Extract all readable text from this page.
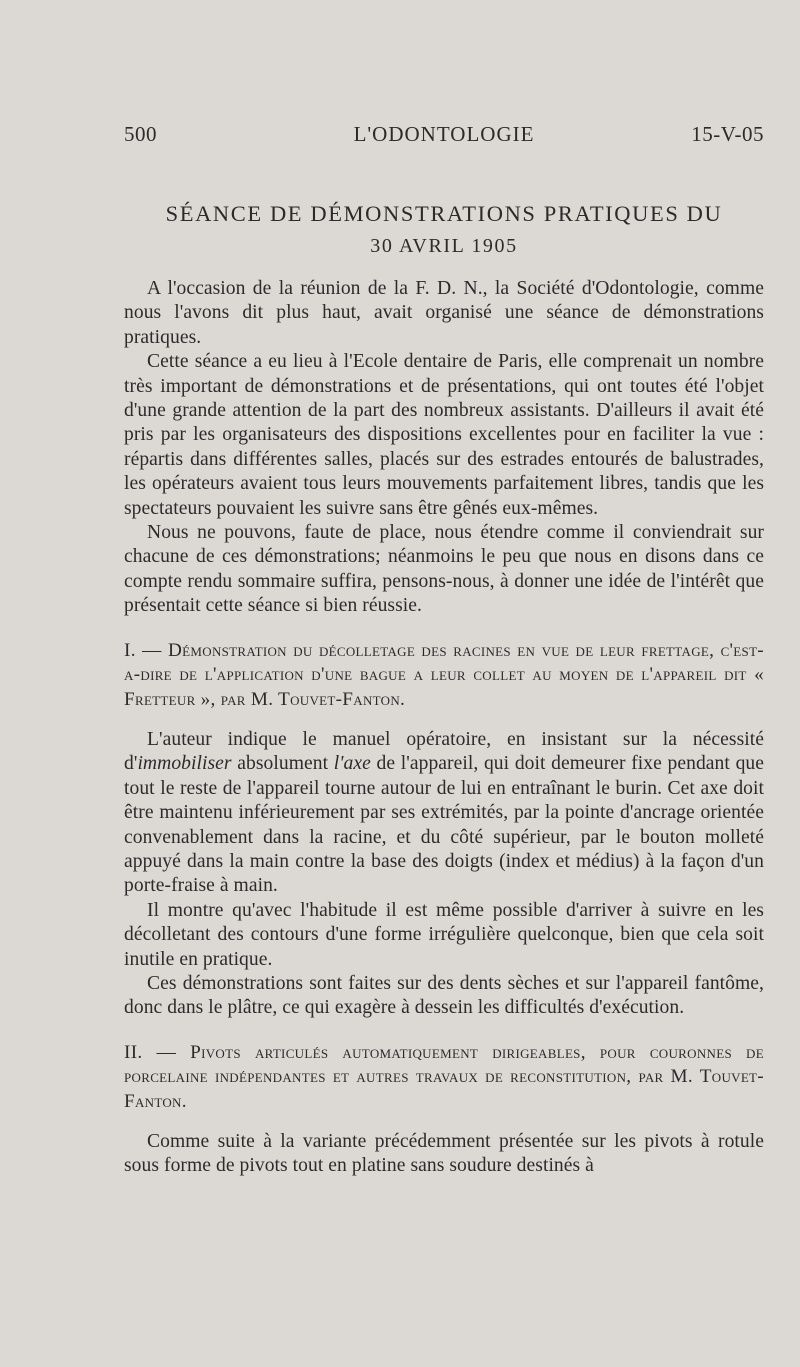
500	L'ODONTOLOGIE	15-V-05
SÉANCE DE DÉMONSTRATIONS PRATIQUES DU
30 AVRIL 1905

A l'occasion de la réunion de la F. D. N., la Société d'Odontologie, comme nous l'avons dit plus haut, avait organisé une séance de démonstrations pratiques.

Cette séance a eu lieu à l'Ecole dentaire de Paris, elle comprenait un nombre très important de démonstrations et de présentations, qui ont toutes été l'objet d'une grande attention de la part des nombreux assistants. D'ailleurs il avait été pris par les organisateurs des dispositions excellentes pour en faciliter la vue : répartis dans différentes salles, placés sur des estrades entourés de balustrades, les opérateurs avaient tous leurs mouvements parfaitement libres, tandis que les spectateurs pouvaient les suivre sans être gênés eux-mêmes.

Nous ne pouvons, faute de place, nous étendre comme il conviendrait sur chacune de ces démonstrations; néanmoins le peu que nous en disons dans ce compte rendu sommaire suffira, pensons-nous, à donner une idée de l'intérêt que présentait cette séance si bien réussie.

I. — Démonstration du décolletage des racines en vue de leur frettage, c'est-a-dire de l'application d'une bague a leur collet au moyen de l'appareil dit « Fretteur », par M. Touvet-Fanton.

L'auteur indique le manuel opératoire, en insistant sur la nécessité d'immobiliser absolument l'axe de l'appareil, qui doit demeurer fixe pendant que tout le reste de l'appareil tourne autour de lui en entraînant le burin. Cet axe doit être maintenu inférieurement par ses extrémités, par la pointe d'ancrage orientée convenablement dans la racine, et du côté supérieur, par le bouton molleté appuyé dans la main contre la base des doigts (index et médius) à la façon d'un porte-fraise à main.

Il montre qu'avec l'habitude il est même possible d'arriver à suivre en les décolletant des contours d'une forme irrégulière quelconque, bien que cela soit inutile en pratique.

Ces démonstrations sont faites sur des dents sèches et sur l'appareil fantôme, donc dans le plâtre, ce qui exagère à dessein les difficultés d'exécution.

II. — Pivots articulés automatiquement dirigeables, pour couronnes de porcelaine indépendantes et autres travaux de reconstitution, par M. Touvet-Fanton.

Comme suite à la variante précédemment présentée sur les pivots à rotule sous forme de pivots tout en platine sans soudure destinés à
